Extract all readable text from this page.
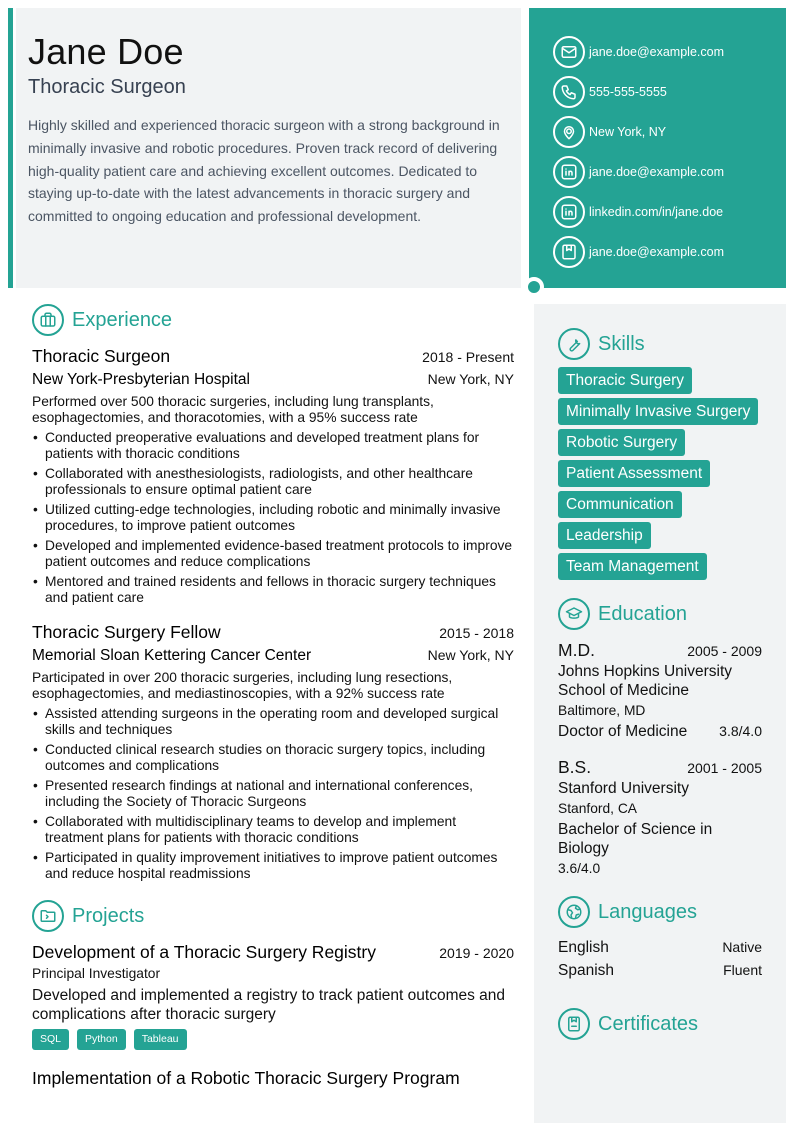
Jane Doe
Thoracic Surgeon
Highly skilled and experienced thoracic surgeon with a strong background in minimally invasive and robotic procedures. Proven track record of delivering high-quality patient care and achieving excellent outcomes. Dedicated to staying up-to-date with the latest advancements in thoracic surgery and committed to ongoing education and professional development.
jane.doe@example.com
555-555-5555
New York, NY
jane.doe@example.com
linkedin.com/in/jane.doe
jane.doe@example.com
Experience
Thoracic Surgeon	2018 - Present
New York-Presbyterian Hospital	New York, NY
Performed over 500 thoracic surgeries, including lung transplants, esophagectomies, and thoracotomies, with a 95% success rate
• Conducted preoperative evaluations and developed treatment plans for patients with thoracic conditions
• Collaborated with anesthesiologists, radiologists, and other healthcare professionals to ensure optimal patient care
• Utilized cutting-edge technologies, including robotic and minimally invasive procedures, to improve patient outcomes
• Developed and implemented evidence-based treatment protocols to improve patient outcomes and reduce complications
• Mentored and trained residents and fellows in thoracic surgery techniques and patient care
Thoracic Surgery Fellow	2015 - 2018
Memorial Sloan Kettering Cancer Center	New York, NY
Participated in over 200 thoracic surgeries, including lung resections, esophagectomies, and mediastinoscopies, with a 92% success rate
• Assisted attending surgeons in the operating room and developed surgical skills and techniques
• Conducted clinical research studies on thoracic surgery topics, including outcomes and complications
• Presented research findings at national and international conferences, including the Society of Thoracic Surgeons
• Collaborated with multidisciplinary teams to develop and implement treatment plans for patients with thoracic conditions
• Participated in quality improvement initiatives to improve patient outcomes and reduce hospital readmissions
Projects
Development of a Thoracic Surgery Registry	2019 - 2020
Principal Investigator
Developed and implemented a registry to track patient outcomes and complications after thoracic surgery
SQL	Python	Tableau
Implementation of a Robotic Thoracic Surgery Program
Skills
Thoracic Surgery
Minimally Invasive Surgery
Robotic Surgery
Patient Assessment
Communication
Leadership
Team Management
Education
M.D.	2005 - 2009
Johns Hopkins University School of Medicine
Baltimore, MD
Doctor of Medicine 3.8/4.0
B.S.	2001 - 2005
Stanford University
Stanford, CA
Bachelor of Science in Biology
3.6/4.0
Languages
English	Native
Spanish	Fluent
Certificates
